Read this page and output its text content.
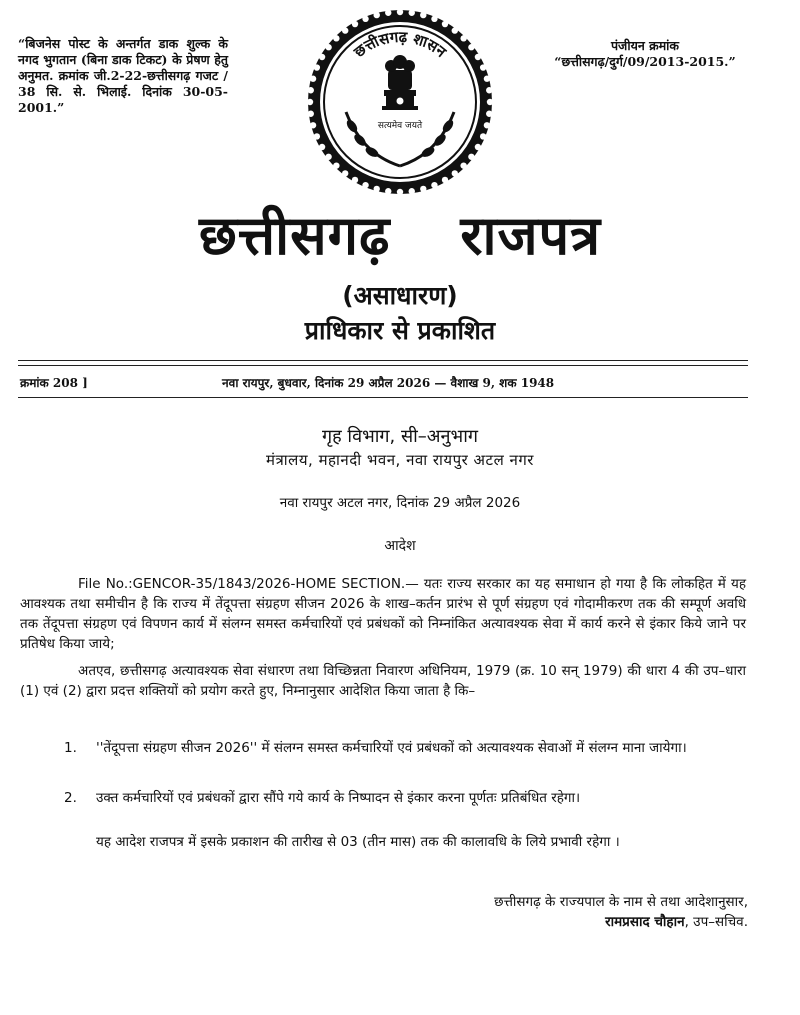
“बिजनेस पोस्ट के अन्तर्गत डाक शुल्क के नगद भुगतान (बिना डाक टिकट) के प्रेषण हेतु अनुमत. क्रमांक जी.2-22-छत्तीसगढ़ गजट / 38 सि. से. भिलाई. दिनांक 30-05-2001.”
पंजीयन क्रमांक
“छत्तीसगढ़/दुर्ग/09/2013-2015.”
छत्तीसगढ़ शासन
सत्यमेव जयते
छत्तीसगढ़ राजपत्र
(असाधारण)
प्राधिकार से प्रकाशित
क्रमांक 208 ]	नवा रायपुर, बुधवार, दिनांक 29 अप्रैल 2026 — वैशाख 9, शक 1948
गृह विभाग, सी–अनुभाग
मंत्रालय, महानदी भवन, नवा रायपुर अटल नगर
नवा रायपुर अटल नगर, दिनांक 29 अप्रैल 2026
आदेश
File No.:GENCOR-35/1843/2026-HOME SECTION.— यतः राज्य सरकार का यह समाधान हो गया है कि लोकहित में यह आवश्यक तथा समीचीन है कि राज्य में तेंदूपत्ता संग्रहण सीजन 2026 के शाख–कर्तन प्रारंभ से पूर्ण संग्रहण एवं गोदामीकरण तक की सम्पूर्ण अवधि तक तेंदूपत्ता संग्रहण एवं विपणन कार्य में संलग्न समस्त कर्मचारियों एवं प्रबंधकों को निम्नांकित अत्यावश्यक सेवा में कार्य करने से इंकार किये जाने पर प्रतिषेध किया जाये;
अतएव, छत्तीसगढ़ अत्यावश्यक सेवा संधारण तथा विच्छिन्नता निवारण अधिनियम, 1979 (क्र. 10 सन् 1979) की धारा 4 की उप–धारा (1) एवं (2) द्वारा प्रदत्त शक्तियों को प्रयोग करते हुए, निम्नानुसार आदेशित किया जाता है कि–
1.	''तेंदूपत्ता संग्रहण सीजन 2026'' में संलग्न समस्त कर्मचारियों एवं प्रबंधकों को अत्यावश्यक सेवाओं में संलग्न माना जायेगा।
2.	उक्त कर्मचारियों एवं प्रबंधकों द्वारा सौंपे गये कार्य के निष्पादन से इंकार करना पूर्णतः प्रतिबंधित रहेगा।
यह आदेश राजपत्र में इसके प्रकाशन की तारीख से 03 (तीन मास) तक की कालावधि के लिये प्रभावी रहेगा ।
छत्तीसगढ़ के राज्यपाल के नाम से तथा आदेशानुसार,
रामप्रसाद चौहान, उप–सचिव.
